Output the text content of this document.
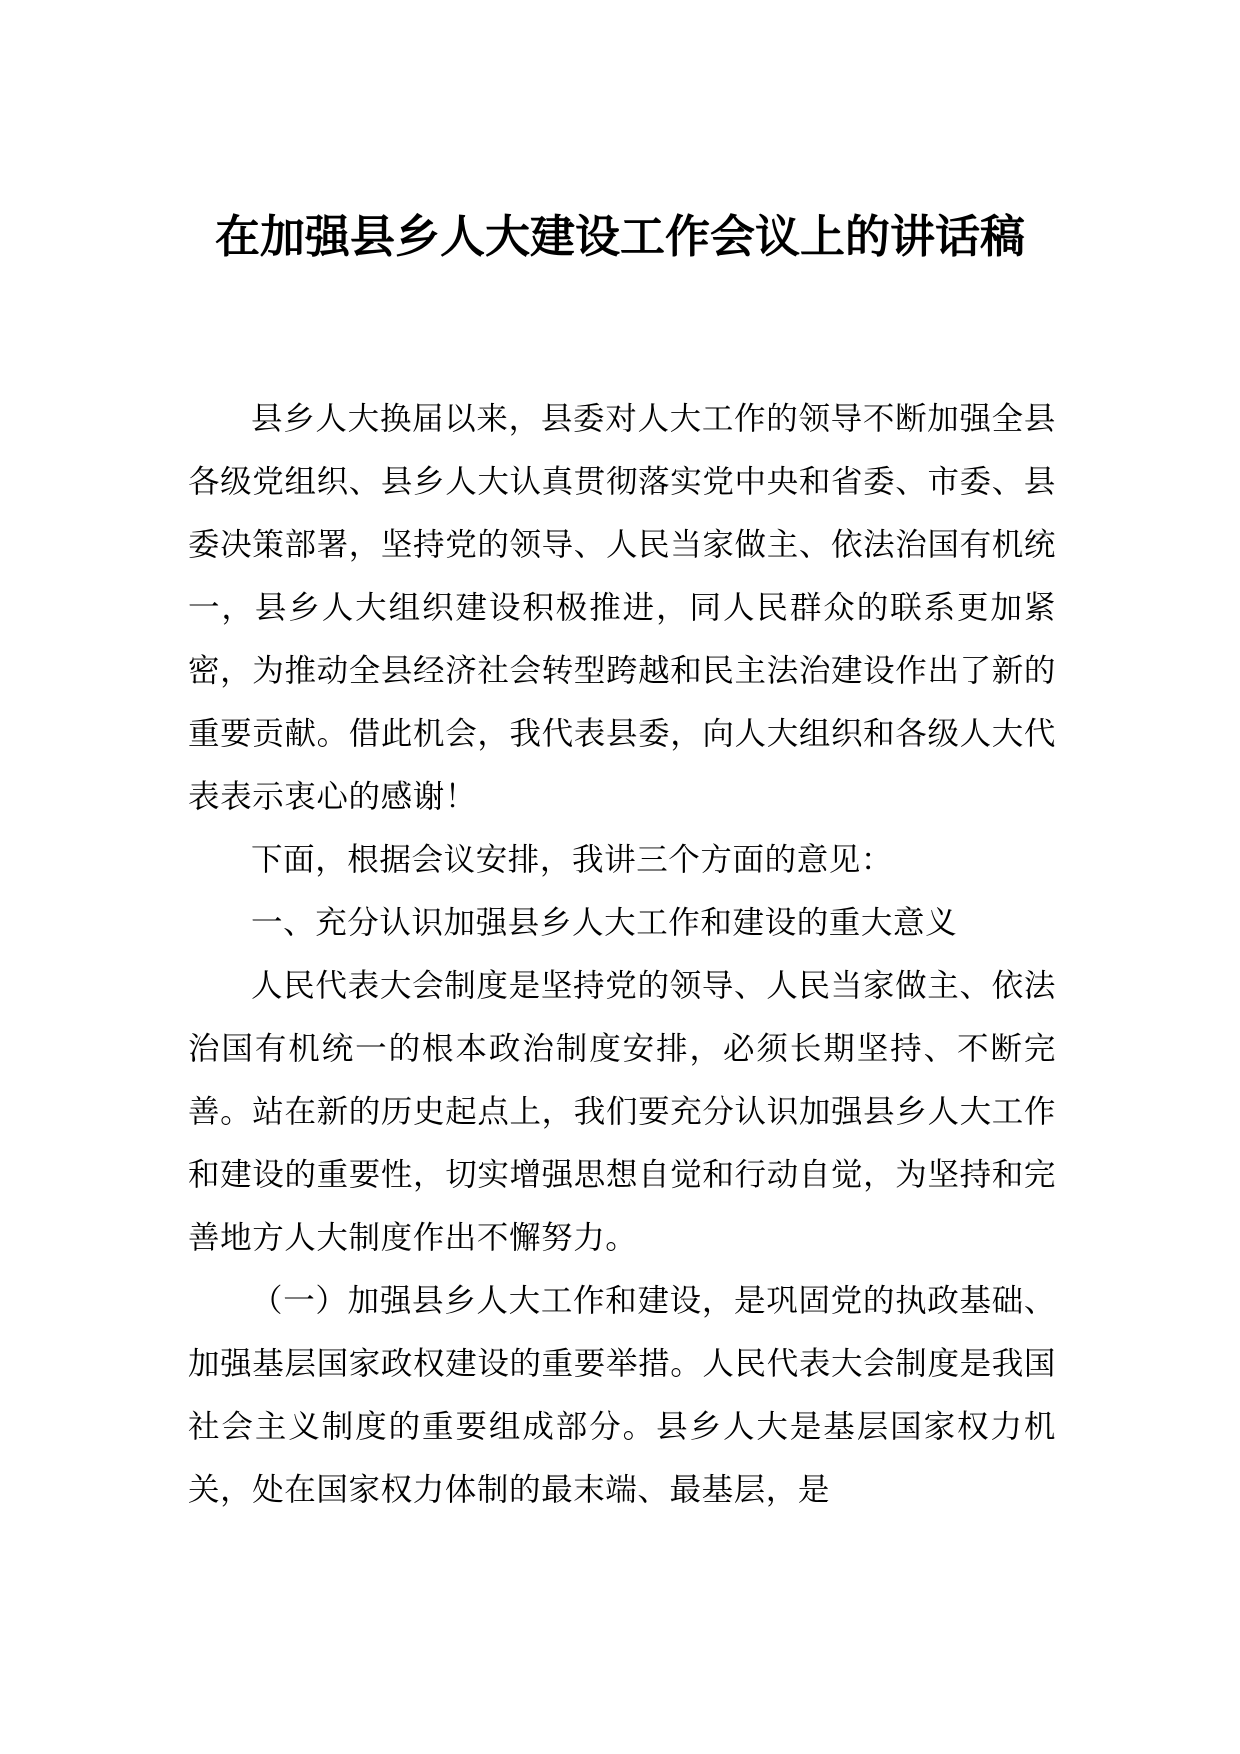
在加强县乡人大建设工作会议上的讲话稿

县乡人大换届以来，县委对人大工作的领导不断加强全县各级党组织、县乡人大认真贯彻落实党中央和省委、市委、县委决策部署，坚持党的领导、人民当家做主、依法治国有机统一，县乡人大组织建设积极推进，同人民群众的联系更加紧密，为推动全县经济社会转型跨越和民主法治建设作出了新的重要贡献。借此机会，我代表县委，向人大组织和各级人大代表表示衷心的感谢！

下面，根据会议安排，我讲三个方面的意见：

一、充分认识加强县乡人大工作和建设的重大意义

人民代表大会制度是坚持党的领导、人民当家做主、依法治国有机统一的根本政治制度安排，必须长期坚持、不断完善。站在新的历史起点上，我们要充分认识加强县乡人大工作和建设的重要性，切实增强思想自觉和行动自觉，为坚持和完善地方人大制度作出不懈努力。

（一）加强县乡人大工作和建设，是巩固党的执政基础、加强基层国家政权建设的重要举措。人民代表大会制度是我国社会主义制度的重要组成部分。县乡人大是基层国家权力机关，处在国家权力体制的最末端、最基层，是
